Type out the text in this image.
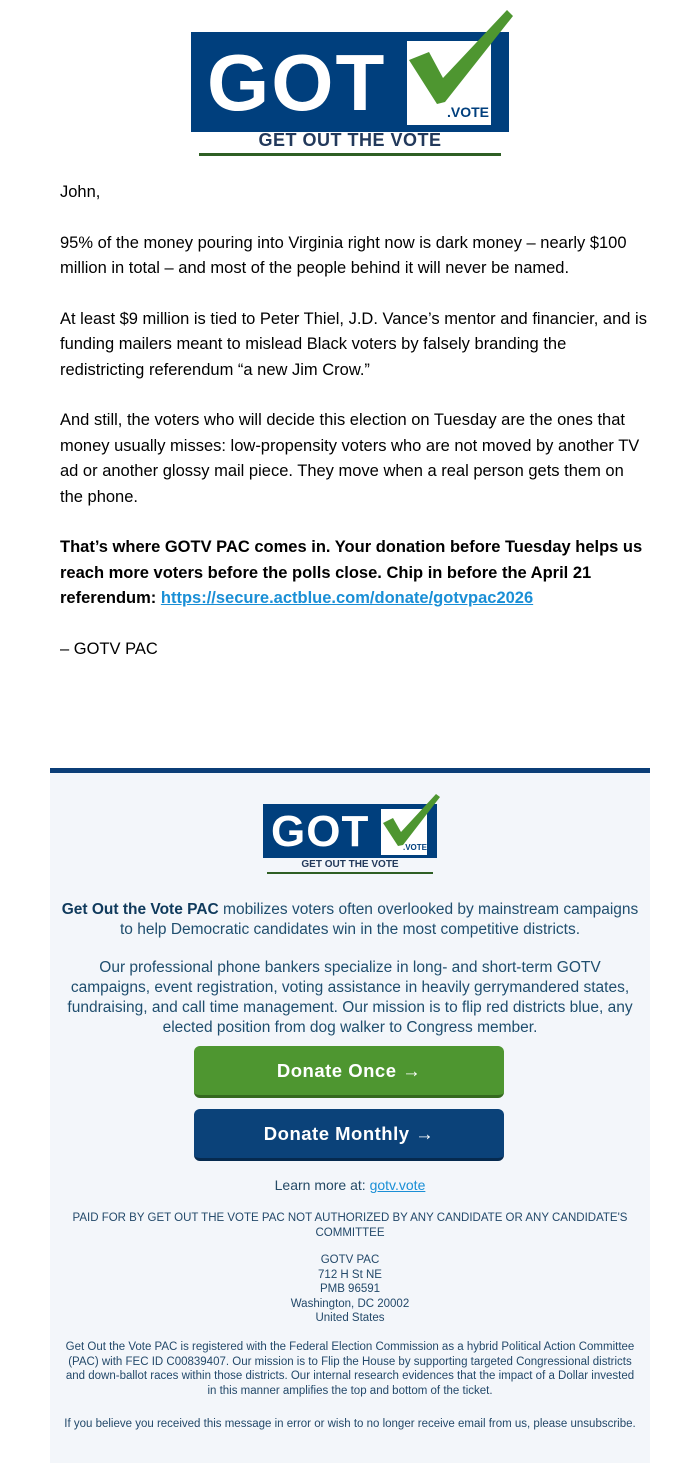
GOT	.VOTE
GET OUT THE VOTE

John,

95% of the money pouring into Virginia right now is dark money – nearly $100 million in total – and most of the people behind it will never be named.

At least $9 million is tied to Peter Thiel, J.D. Vance’s mentor and financier, and is funding mailers meant to mislead Black voters by falsely branding the redistricting referendum “a new Jim Crow.”

And still, the voters who will decide this election on Tuesday are the ones that money usually misses: low-propensity voters who are not moved by another TV ad or another glossy mail piece. They move when a real person gets them on the phone.

That’s where GOTV PAC comes in. Your donation before Tuesday helps us reach more voters before the polls close. Chip in before the April 21 referendum: https://secure.actblue.com/donate/gotvpac2026

– GOTV PAC

GOT	.VOTE
GET OUT THE VOTE
Get Out the Vote PAC mobilizes voters often overlooked by mainstream campaigns to help Democratic candidates win in the most competitive districts.
Our professional phone bankers specialize in long- and short-term GOTV campaigns, event registration, voting assistance in heavily gerrymandered states, fundraising, and call time management. Our mission is to flip red districts blue, any elected position from dog walker to Congress member.
Donate Once →
Donate Monthly →
Learn more at: gotv.vote
PAID FOR BY GET OUT THE VOTE PAC NOT AUTHORIZED BY ANY CANDIDATE OR ANY CANDIDATE'S COMMITTEE
GOTV PAC
712 H St NE
PMB 96591
Washington, DC 20002
United States
Get Out the Vote PAC is registered with the Federal Election Commission as a hybrid Political Action Committee (PAC) with FEC ID C00839407. Our mission is to Flip the House by supporting targeted Congressional districts and down-ballot races within those districts. Our internal research evidences that the impact of a Dollar invested in this manner amplifies the top and bottom of the ticket.
If you believe you received this message in error or wish to no longer receive email from us, please unsubscribe.
